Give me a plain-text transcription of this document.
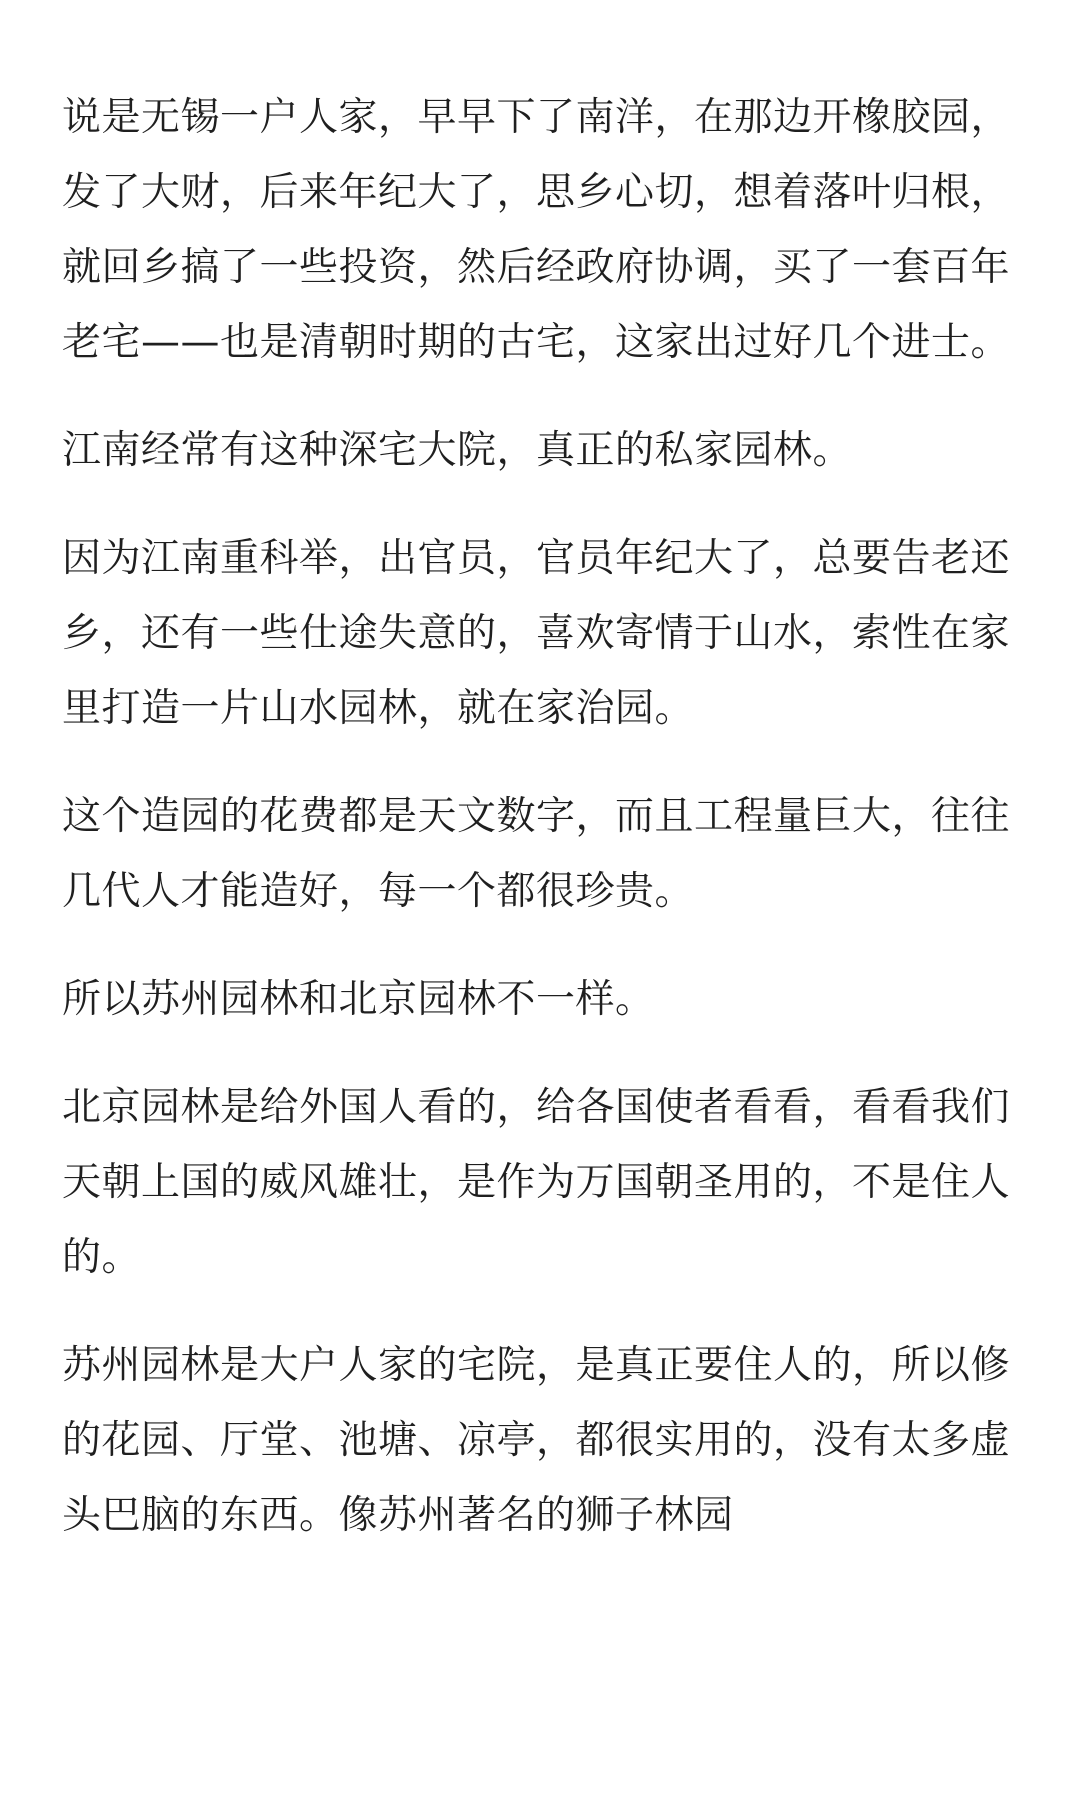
说是无锡一户人家，早早下了南洋，在那边开橡胶园，发了大财，后来年纪大了，思乡心切，想着落叶归根，就回乡搞了一些投资，然后经政府协调，买了一套百年老宅——也是清朝时期的古宅，这家出过好几个进士。

江南经常有这种深宅大院，真正的私家园林。

因为江南重科举，出官员，官员年纪大了，总要告老还乡，还有一些仕途失意的，喜欢寄情于山水，索性在家里打造一片山水园林，就在家治园。

这个造园的花费都是天文数字，而且工程量巨大，往往几代人才能造好，每一个都很珍贵。

所以苏州园林和北京园林不一样。

北京园林是给外国人看的，给各国使者看看，看看我们天朝上国的威风雄壮，是作为万国朝圣用的，不是住人的。

苏州园林是大户人家的宅院，是真正要住人的，所以修的花园、厅堂、池塘、凉亭，都很实用的，没有太多虚头巴脑的东西。像苏州著名的狮子林园
